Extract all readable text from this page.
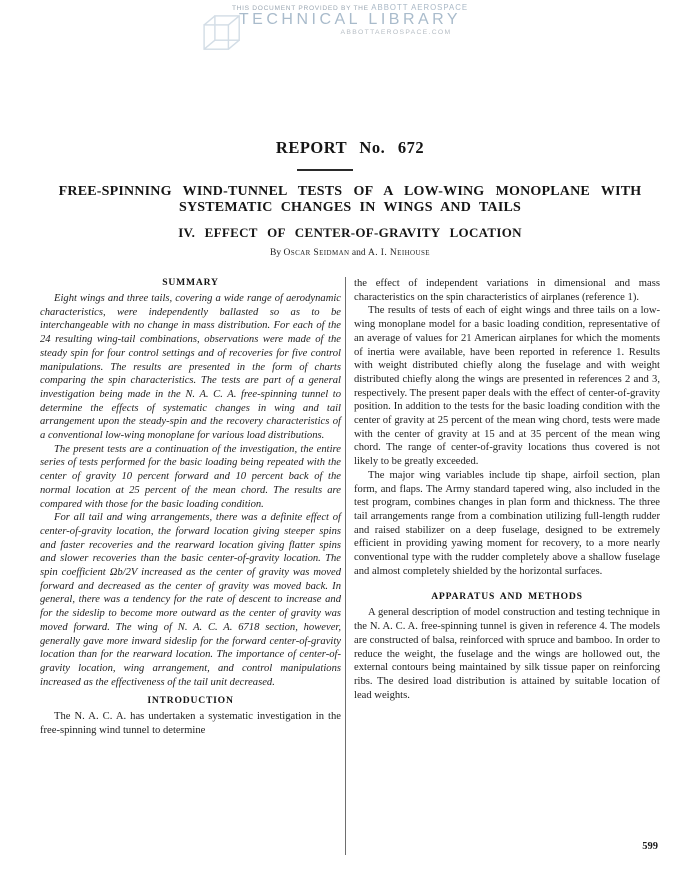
THIS DOCUMENT PROVIDED BY THE ABBOTT AEROSPACE
TECHNICAL LIBRARY
ABBOTTAEROSPACE.COM
REPORT No. 672
FREE-SPINNING WIND-TUNNEL TESTS OF A LOW-WING MONOPLANE WITH
SYSTEMATIC CHANGES IN WINGS AND TAILS
IV. EFFECT OF CENTER-OF-GRAVITY LOCATION
By Oscar Seidman and A. I. Neihouse
SUMMARY

Eight wings and three tails, covering a wide range of aerodynamic characteristics, were independently ballasted so as to be interchangeable with no change in mass distribution. For each of the 24 resulting wing-tail combinations, observations were made of the steady spin for four control settings and of recoveries for five control manipulations. The results are presented in the form of charts comparing the spin characteristics. The tests are part of a general investigation being made in the N. A. C. A. free-spinning tunnel to determine the effects of systematic changes in wing and tail arrangement upon the steady-spin and the recovery characteristics of a conventional low-wing monoplane for various load distributions.

The present tests are a continuation of the investigation, the entire series of tests performed for the basic loading being repeated with the center of gravity 10 percent forward and 10 percent back of the normal location at 25 percent of the mean chord. The results are compared with those for the basic loading condition.

For all tail and wing arrangements, there was a definite effect of center-of-gravity location, the forward location giving steeper spins and faster recoveries and the rearward location giving flatter spins and slower recoveries than the basic center-of-gravity location. The spin coefficient Ωb/2V increased as the center of gravity was moved forward and decreased as the center of gravity was moved back. In general, there was a tendency for the rate of descent to increase and for the sideslip to become more outward as the center of gravity was moved forward. The wing of N. A. C. A. 6718 section, however, generally gave more inward sideslip for the forward center-of-gravity location than for the rearward location. The importance of center-of-gravity location, wing arrangement, and control manipulations increased as the effectiveness of the tail unit decreased.

INTRODUCTION

The N. A. C. A. has undertaken a systematic investigation in the free-spinning wind tunnel to determine

the effect of independent variations in dimensional and mass characteristics on the spin characteristics of airplanes (reference 1).

The results of tests of each of eight wings and three tails on a low-wing monoplane model for a basic loading condition, representative of an average of values for 21 American airplanes for which the moments of inertia were available, have been reported in reference 1. Results with weight distributed chiefly along the fuselage and with weight distributed chiefly along the wings are presented in references 2 and 3, respectively. The present paper deals with the effect of center-of-gravity position. In addition to the tests for the basic loading condition with the center of gravity at 25 percent of the mean wing chord, tests were made with the center of gravity at 15 and at 35 percent of the mean wing chord. The range of center-of-gravity locations thus covered is not likely to be greatly exceeded.

The major wing variables include tip shape, airfoil section, plan form, and flaps. The Army standard tapered wing, also included in the test program, combines changes in plan form and thickness. The three tail arrangements range from a combination utilizing full-length rudder and raised stabilizer on a deep fuselage, designed to be extremely efficient in providing yawing moment for recovery, to a more nearly conventional type with the rudder completely above a shallow fuselage and almost completely shielded by the horizontal surfaces.

APPARATUS AND METHODS

A general description of model construction and testing technique in the N. A. C. A. free-spinning tunnel is given in reference 4. The models are constructed of balsa, reinforced with spruce and bamboo. In order to reduce the weight, the fuselage and the wings are hollowed out, the external contours being maintained by silk tissue paper on reinforcing ribs. The desired load distribution is attained by suitable location of lead weights.

599
